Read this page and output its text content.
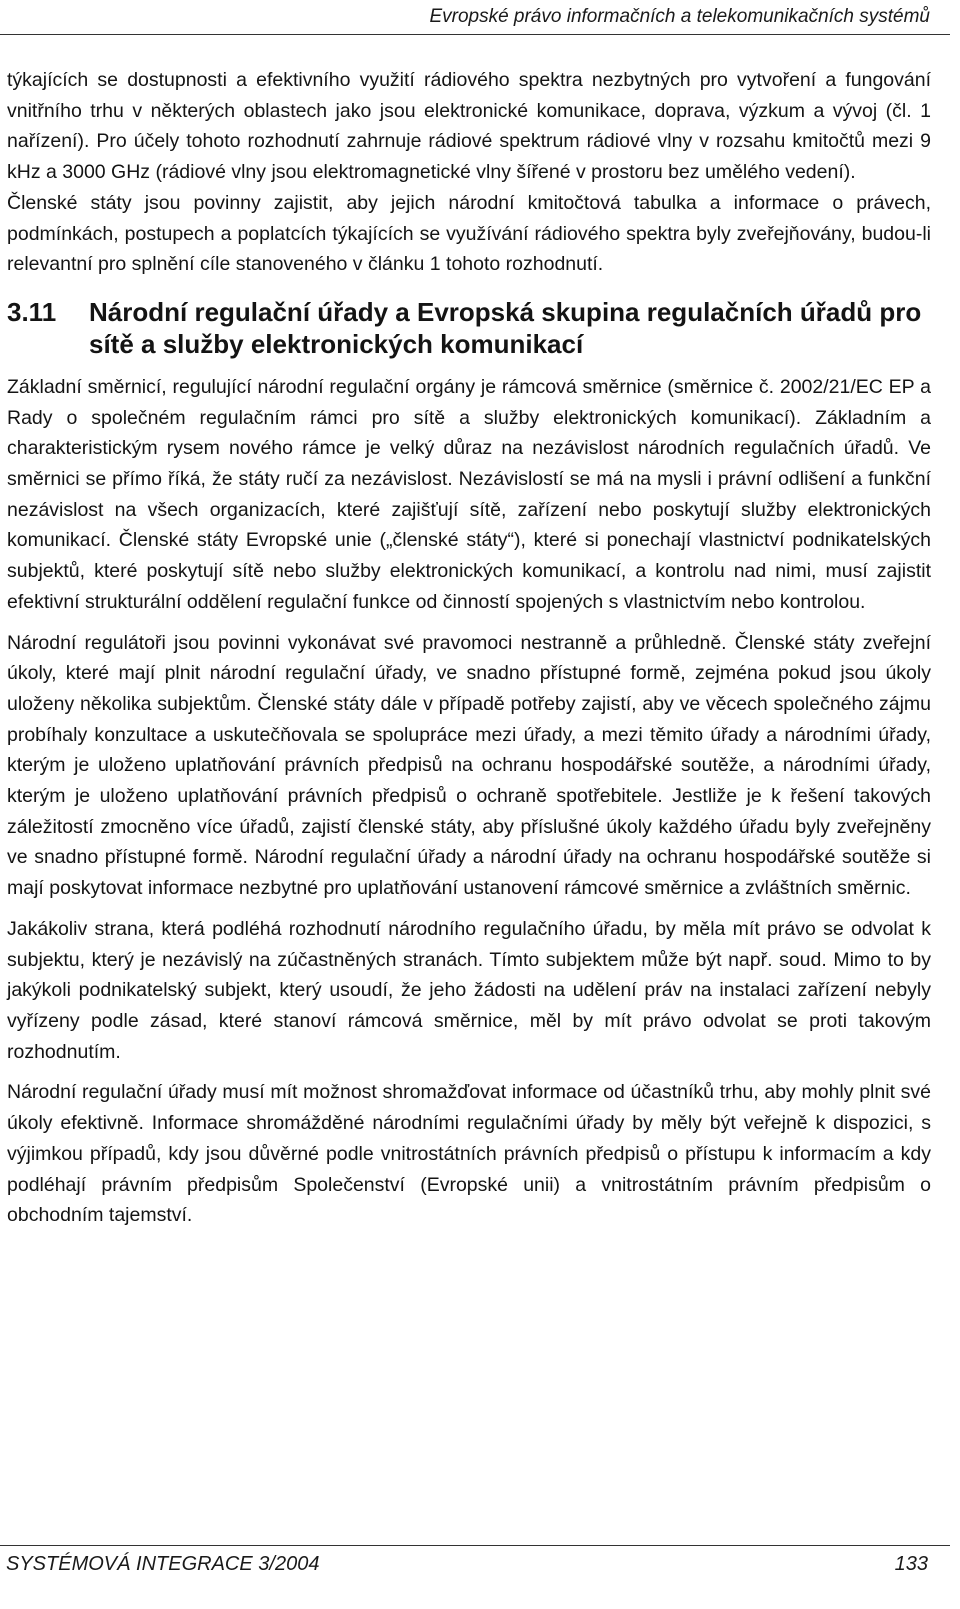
Evropské právo informačních a telekomunikačních systémů

týkajících se dostupnosti a efektivního využití rádiového spektra nezbytných pro vytvoření a fungování vnitřního trhu v některých oblastech jako jsou elektronické komunikace, doprava, výzkum a vývoj (čl. 1 nařízení). Pro účely tohoto rozhodnutí zahrnuje rádiové spektrum rádiové vlny v rozsahu kmitočtů mezi 9 kHz a 3000 GHz (rádiové vlny jsou elektromagnetické vlny šířené v prostoru bez umělého vedení).

Členské státy jsou povinny zajistit, aby jejich národní kmitočtová tabulka a informace o právech, podmínkách, postupech a poplatcích týkajících se využívání rádiového spektra byly zveřejňovány, budou-li relevantní pro splnění cíle stanoveného v článku 1 tohoto rozhodnutí.

3.11	Národní regulační úřady a Evropská skupina regulačních úřadů pro sítě a služby elektronických komunikací

Základní směrnicí, regulující národní regulační orgány je rámcová směrnice (směrnice č. 2002/21/EC EP a Rady o společném regulačním rámci pro sítě a služby elektronických komunikací). Základním a charakteristickým rysem nového rámce je velký důraz na nezávislost národních regulačních úřadů. Ve směrnici se přímo říká, že státy ručí za nezávislost. Nezávislostí se má na mysli i právní odlišení a funkční nezávislost na všech organizacích, které zajišťují sítě, zařízení nebo poskytují služby elektronických komunikací. Členské státy Evropské unie („členské státy“), které si ponechají vlastnictví podnikatelských subjektů, které poskytují sítě nebo služby elektronických komunikací, a kontrolu nad nimi, musí zajistit efektivní strukturální oddělení regulační funkce od činností spojených s vlastnictvím nebo kontrolou.

Národní regulátoři jsou povinni vykonávat své pravomoci nestranně a průhledně. Členské státy zveřejní úkoly, které mají plnit národní regulační úřady, ve snadno přístupné formě, zejména pokud jsou úkoly uloženy několika subjektům. Členské státy dále v případě potřeby zajistí, aby ve věcech společného zájmu probíhaly konzultace a uskutečňovala se spolupráce mezi úřady, a mezi těmito úřady a národními úřady, kterým je uloženo uplatňování právních předpisů na ochranu hospodářské soutěže, a národními úřady, kterým je uloženo uplatňování právních předpisů o ochraně spotřebitele. Jestliže je k řešení takových záležitostí zmocněno více úřadů, zajistí členské státy, aby příslušné úkoly každého úřadu byly zveřejněny ve snadno přístupné formě. Národní regulační úřady a národní úřady na ochranu hospodářské soutěže si mají poskytovat informace nezbytné pro uplatňování ustanovení rámcové směrnice a zvláštních směrnic.

Jakákoliv strana, která podléhá rozhodnutí národního regulačního úřadu, by měla mít právo se odvolat k subjektu, který je nezávislý na zúčastněných stranách. Tímto subjektem může být např. soud. Mimo to by jakýkoli podnikatelský subjekt, který usoudí, že jeho žádosti na udělení práv na instalaci zařízení nebyly vyřízeny podle zásad, které stanoví rámcová směrnice, měl by mít právo odvolat se proti takovým rozhodnutím.

Národní regulační úřady musí mít možnost shromažďovat informace od účastníků trhu, aby mohly plnit své úkoly efektivně. Informace shromážděné národními regulačními úřady by měly být veřejně k dispozici, s výjimkou případů, kdy jsou důvěrné podle vnitrostátních právních předpisů o přístupu k informacím a kdy podléhají právním předpisům Společenství (Evropské unii) a vnitrostátním právním předpisům o obchodním tajemství.

SYSTÉMOVÁ INTEGRACE 3/2004	133
